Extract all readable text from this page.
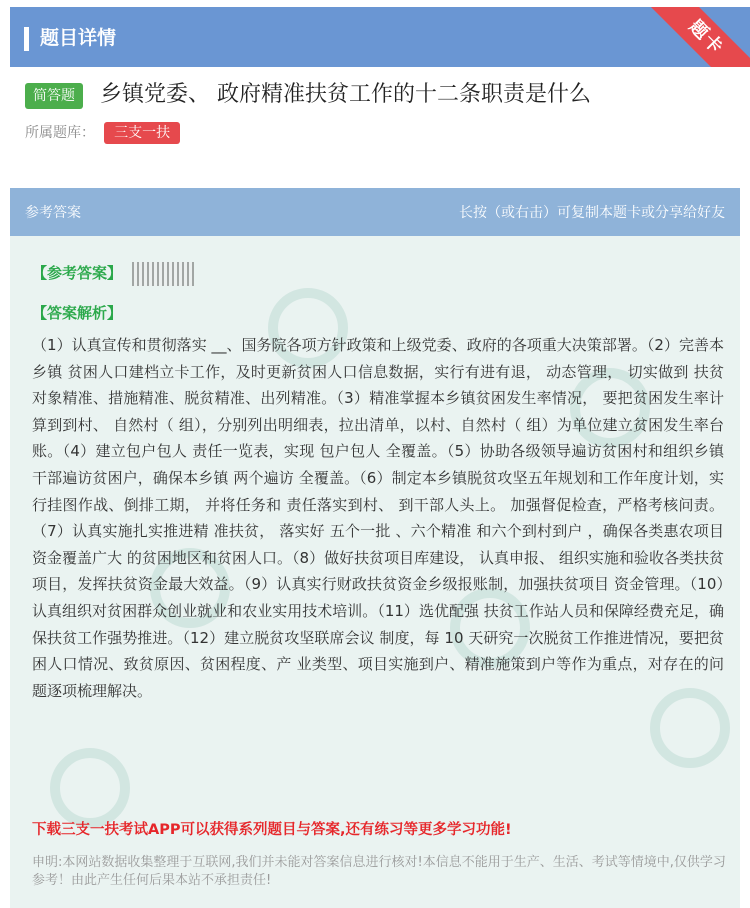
题目详情	题卡
简答题	乡镇党委、 政府精准扶贫工作的十二条职责是什么
所属题库： 三支一扶
参考答案	长按（或右击）可复制本题卡或分享给好友
【参考答案】
【答案解析】
（1）认真宣传和贯彻落实 __、国务院各项方针政策和上级党委、政府的各项重大决策部署。（2）完善本乡镇 贫困人口建档立卡工作，及时更新贫困人口信息数据，实行有进有退， 动态管理， 切实做到 扶贫对象精准、措施精准、脱贫精准、出列精准。（3）精准掌握本乡镇贫困发生率情况， 要把贫困发生率计算到到村、 自然村（ 组），分别列出明细表，拉出清单，以村、自然村（ 组）为单位建立贫困发生率台账。（4）建立包户包人 责任一览表，实现 包户包人 全覆盖。（5）协助各级领导遍访贫困村和组织乡镇干部遍访贫困户，确保本乡镇 两个遍访 全覆盖。（6）制定本乡镇脱贫攻坚五年规划和工作年度计划，实行挂图作战、倒排工期， 并将任务和 责任落实到村、 到干部人头上。 加强督促检查，严格考核问责。（7）认真实施扎实推进精 准扶贫， 落实好 五个一批 、六个精准 和六个到村到户 ，确保各类惠农项目资金覆盖广大 的贫困地区和贫困人口。（8）做好扶贫项目库建设， 认真申报、 组织实施和验收各类扶贫 项目，发挥扶贫资金最大效益。（9）认真实行财政扶贫资金乡级报账制，加强扶贫项目 资金管理。（10）认真组织对贫困群众创业就业和农业实用技术培训。（11）选优配强 扶贫工作站人员和保障经费充足，确保扶贫工作强势推进。（12）建立脱贫攻坚联席会议 制度，每 10 天研究一次脱贫工作推进情况，要把贫困人口情况、致贫原因、贫困程度、产 业类型、项目实施到户、精准施策到户等作为重点，对存在的问题逐项梳理解决。
下载三支一扶考试APP可以获得系列题目与答案,还有练习等更多学习功能!
申明:本网站数据收集整理于互联网,我们并未能对答案信息进行核对!本信息不能用于生产、生活、考试等情境中,仅供学习参考！由此产生任何后果本站不承担责任!
